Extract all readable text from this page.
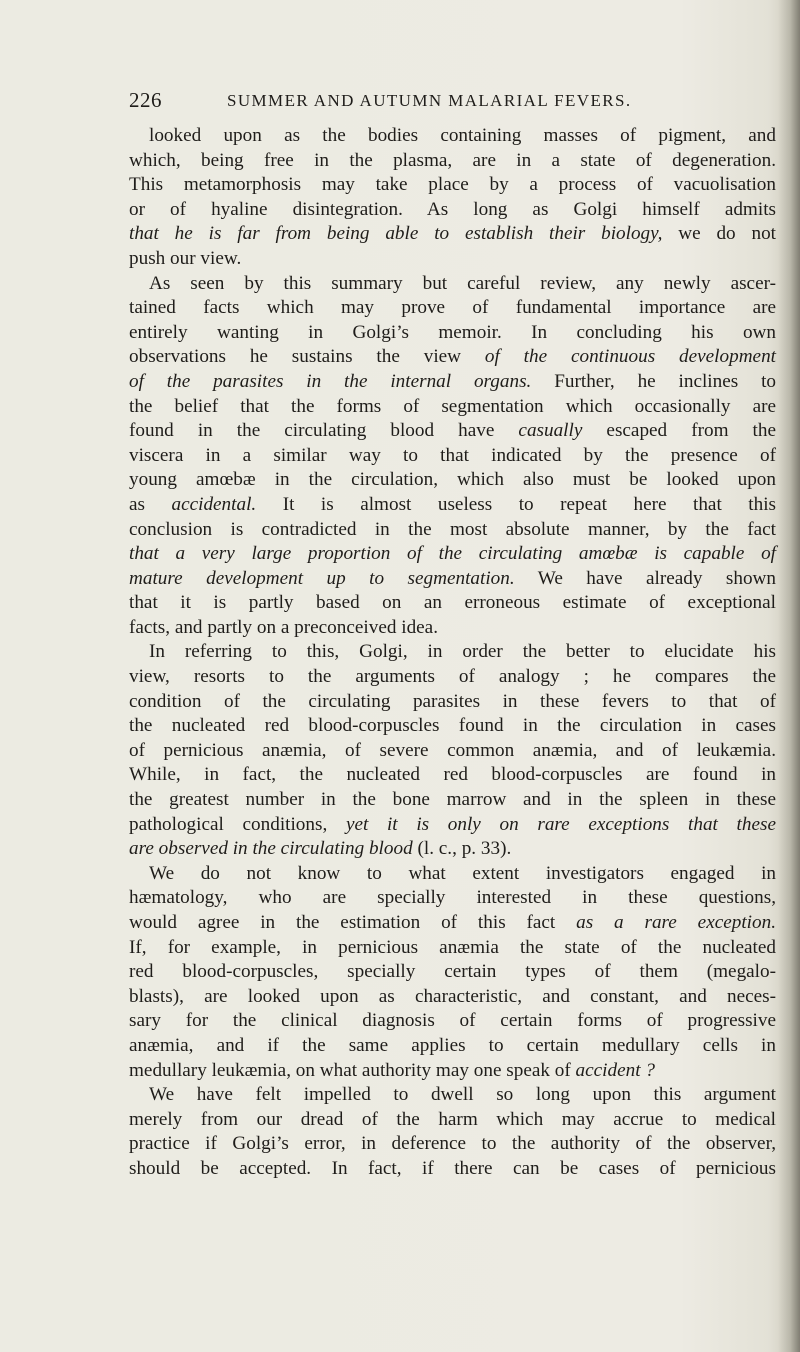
226	SUMMER AND AUTUMN MALARIAL FEVERS.
looked upon as the bodies containing masses of pigment, and
which, being free in the plasma, are in a state of degeneration.
This metamorphosis may take place by a process of vacuolisation
or of hyaline disintegration. As long as Golgi himself admits
that he is far from being able to establish their biology, we do not
push our view.
As seen by this summary but careful review, any newly ascer-
tained facts which may prove of fundamental importance are
entirely wanting in Golgi’s memoir. In concluding his own
observations he sustains the view of the continuous development
of the parasites in the internal organs. Further, he inclines to
the belief that the forms of segmentation which occasionally are
found in the circulating blood have casually escaped from the
viscera in a similar way to that indicated by the presence of
young amœbæ in the circulation, which also must be looked upon
as accidental. It is almost useless to repeat here that this
conclusion is contradicted in the most absolute manner, by the fact
that a very large proportion of the circulating amœbæ is capable of
mature development up to segmentation. We have already shown
that it is partly based on an erroneous estimate of exceptional
facts, and partly on a preconceived idea.
In referring to this, Golgi, in order the better to elucidate his
view, resorts to the arguments of analogy ; he compares the
condition of the circulating parasites in these fevers to that of
the nucleated red blood-corpuscles found in the circulation in cases
of pernicious anæmia, of severe common anæmia, and of leukæmia.
While, in fact, the nucleated red blood-corpuscles are found in
the greatest number in the bone marrow and in the spleen in these
pathological conditions, yet it is only on rare exceptions that these
are observed in the circulating blood (l. c., p. 33).
We do not know to what extent investigators engaged in
hæmatology, who are specially interested in these questions,
would agree in the estimation of this fact as a rare exception.
If, for example, in pernicious anæmia the state of the nucleated
red blood-corpuscles, specially certain types of them (megalo-
blasts), are looked upon as characteristic, and constant, and neces-
sary for the clinical diagnosis of certain forms of progressive
anæmia, and if the same applies to certain medullary cells in
medullary leukæmia, on what authority may one speak of accident ?
We have felt impelled to dwell so long upon this argument
merely from our dread of the harm which may accrue to medical
practice if Golgi’s error, in deference to the authority of the observer,
should be accepted. In fact, if there can be cases of pernicious
